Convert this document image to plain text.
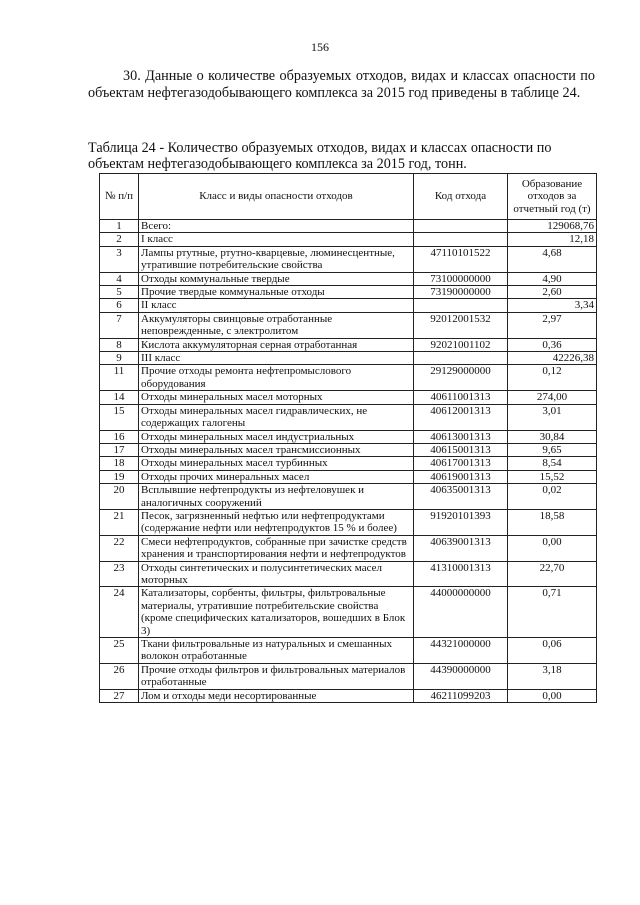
156
30. Данные о количестве образуемых отходов, видах и классах опасности по объектам нефтегазодобывающего комплекса за 2015 год приведены в таблице 24.
Таблица 24 - Количество образуемых отходов, видах и классах опасности по объектам нефтегазодобывающего комплекса за 2015 год, тонн.
№ п/п	Класс и виды опасности отходов	Код отхода	Образование отходов за отчетный год (т)
1	Всего:		129068,76
2	I класс		12,18
3	Лампы ртутные, ртутно-кварцевые, люминесцентные, утратившие потребительские свойства	47110101522	4,68
4	Отходы коммунальные твердые	73100000000	4,90
5	Прочие твердые коммунальные отходы	73190000000	2,60
6	II класс		3,34
7	Аккумуляторы свинцовые отработанные неповрежденные, с электролитом	92012001532	2,97
8	Кислота аккумуляторная серная отработанная	92021001102	0,36
9	III класс		42226,38
11	Прочие отходы ремонта нефтепромыслового оборудования	29129000000	0,12
14	Отходы минеральных масел моторных	40611001313	274,00
15	Отходы минеральных масел гидравлических, не содержащих галогены	40612001313	3,01
16	Отходы минеральных масел индустриальных	40613001313	30,84
17	Отходы минеральных масел трансмиссионных	40615001313	9,65
18	Отходы минеральных масел турбинных	40617001313	8,54
19	Отходы прочих минеральных масел	40619001313	15,52
20	Всплывшие нефтепродукты из нефтеловушек и аналогичных сооружений	40635001313	0,02
21	Песок, загрязненный нефтью или нефтепродуктами (содержание нефти или нефтепродуктов 15 % и более)	91920101393	18,58
22	Смеси нефтепродуктов, собранные при зачистке средств хранения и транспортирования нефти и нефтепродуктов	40639001313	0,00
23	Отходы синтетических и полусинтетических масел моторных	41310001313	22,70
24	Катализаторы, сорбенты, фильтры, фильтровальные материалы, утратившие потребительские свойства (кроме специфических катализаторов, вошедших в Блок 3)	44000000000	0,71
25	Ткани фильтровальные из натуральных и смешанных волокон отработанные	44321000000	0,06
26	Прочие отходы фильтров и фильтровальных материалов отработанные	44390000000	3,18
27	Лом и отходы меди несортированные	46211099203	0,00
